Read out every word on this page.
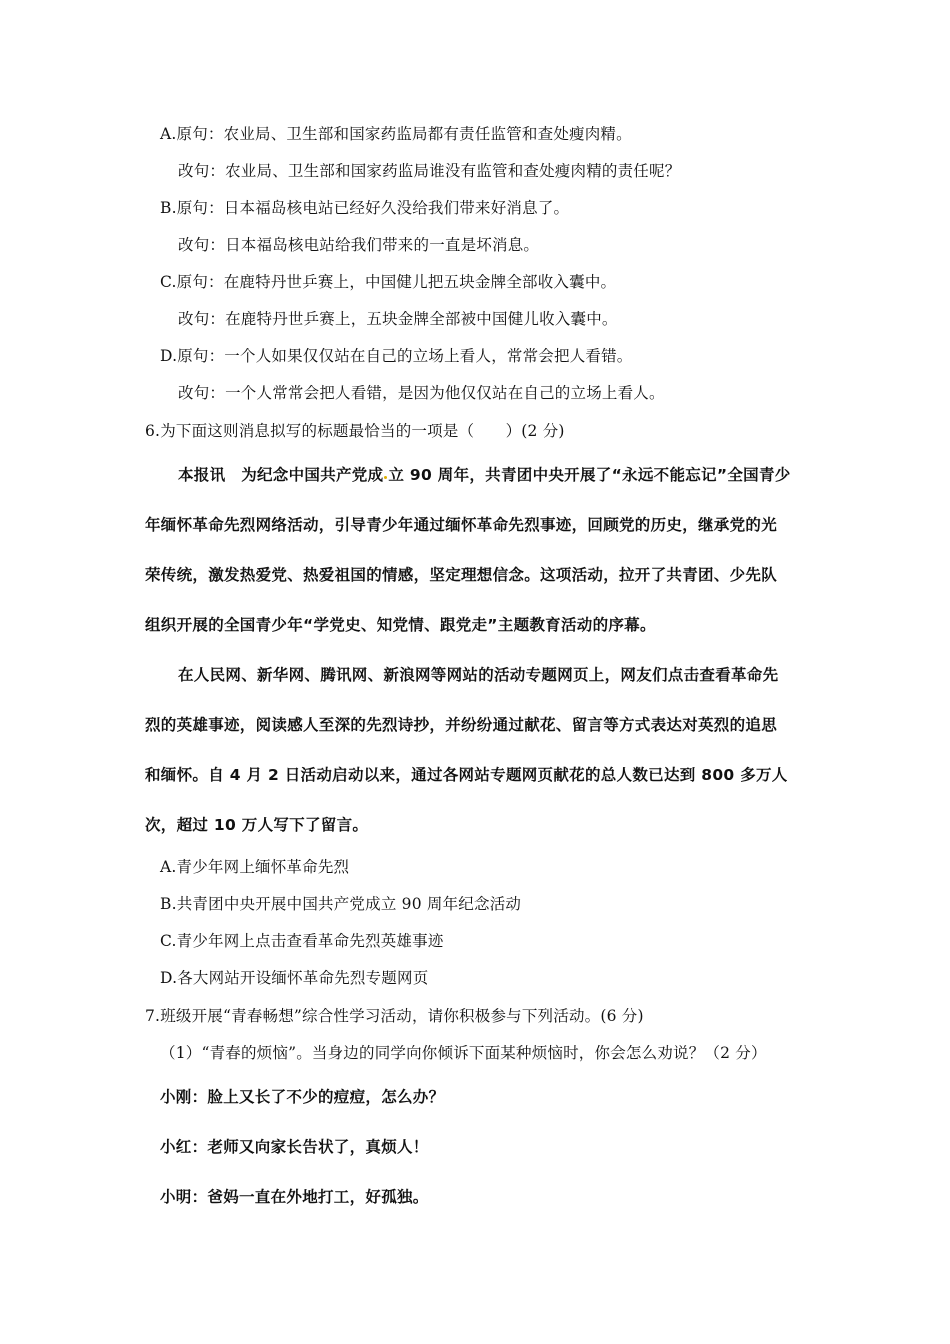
A.原句：农业局、卫生部和国家药监局都有责任监管和查处瘦肉精。
改句：农业局、卫生部和国家药监局谁没有监管和查处瘦肉精的责任呢？
B.原句：日本福岛核电站已经好久没给我们带来好消息了。
改句：日本福岛核电站给我们带来的一直是坏消息。
C.原句：在鹿特丹世乒赛上，中国健儿把五块金牌全部收入囊中。
改句：在鹿特丹世乒赛上，五块金牌全部被中国健儿收入囊中。
D.原句：一个人如果仅仅站在自己的立场上看人，常常会把人看错。
改句：一个人常常会把人看错，是因为他仅仅站在自己的立场上看人。
6.为下面这则消息拟写的标题最恰当的一项是（　　）(2 分)
本报讯　为纪念中国共产党成 立 90 周年，共青团中央开展了“永远不能忘记”全国青少
年缅怀革命先烈网络活动，引导青少年通过缅怀革命先烈事迹，回顾党的历史，继承党的光
荣传统，激发热爱党、热爱祖国的情感，坚定理想信念。这项活动，拉开了共青团、少先队
组织开展的全国青少年“学党史、知党情、跟党走”主题教育活动的序幕。
在人民网、新华网、腾讯网、新浪网等网站的活动专题网页上，网友们点击查看革命先
烈的英雄事迹，阅读感人至深的先烈诗抄，并纷纷通过献花、留言等方式表达对英烈的追思
和缅怀。自 4 月 2 日活动启动以来，通过各网站专题网页献花的总人数已达到 800 多万人
次，超过 10 万人写下了留言。
A.青少年网上缅怀革命先烈
B.共青团中央开展中国共产党成立 90 周年纪念活动
C.青少年网上点击查看革命先烈英雄事迹
D.各大网站开设缅怀革命先烈专题网页
7.班级开展“青春畅想”综合性学习活动，请你积极参与下列活动。(6 分)
（1）“青春的烦恼”。当身边的同学向你倾诉下面某种烦恼时，你会怎么劝说？（2 分）
小刚：脸上又长了不少的痘痘，怎么办？
小红：老师又向家长告状了，真烦人！
小明：爸妈一直在外地打工，好孤独。
